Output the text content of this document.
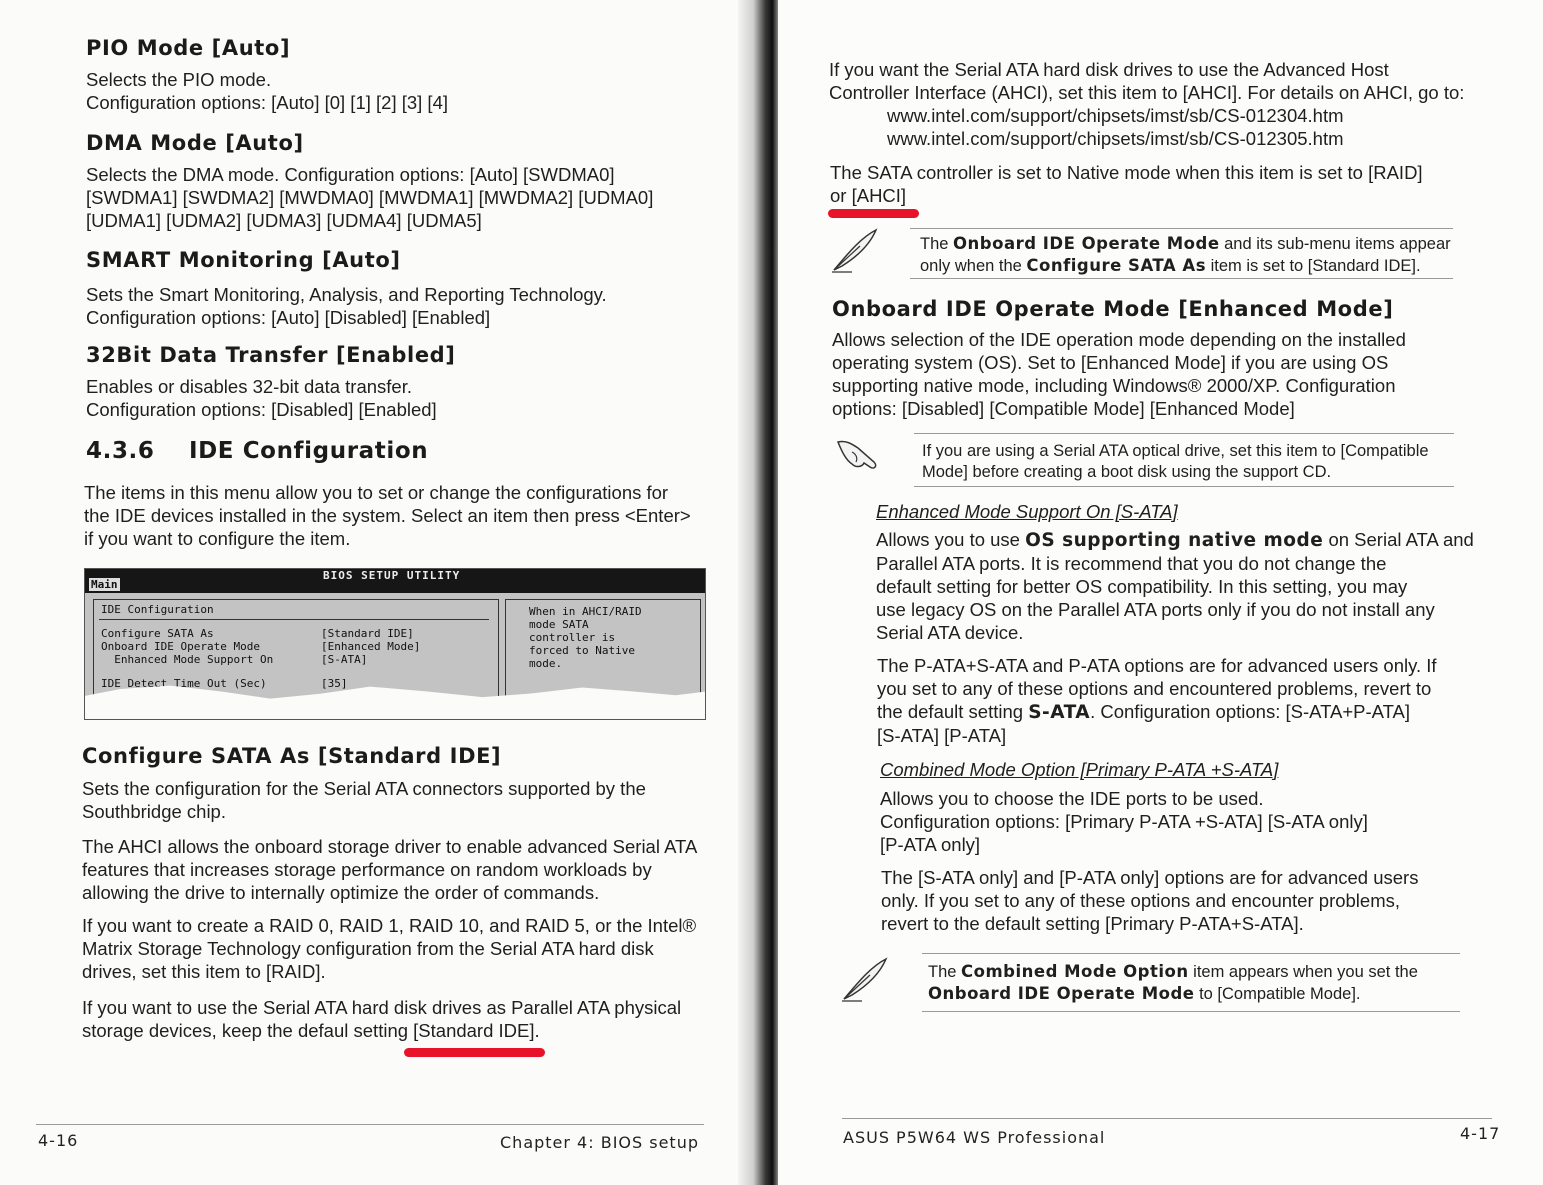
PIO Mode [Auto]
Selects the PIO mode.
Configuration options: [Auto] [0] [1] [2] [3] [4]
DMA Mode [Auto]
Selects the DMA mode. Configuration options: [Auto] [SWDMA0]
[SWDMA1] [SWDMA2] [MWDMA0] [MWDMA1] [MWDMA2] [UDMA0]
[UDMA1] [UDMA2] [UDMA3] [UDMA4] [UDMA5]
SMART Monitoring [Auto]
Sets the Smart Monitoring, Analysis, and Reporting Technology.
Configuration options: [Auto] [Disabled] [Enabled]
32Bit Data Transfer [Enabled]
Enables or disables 32-bit data transfer.
Configuration options: [Disabled] [Enabled]
4.3.6 IDE Configuration
The items in this menu allow you to set or change the configurations for
the IDE devices installed in the system. Select an item then press <Enter>
if you want to configure the item.
BIOS SETUP UTILITY
Main
IDE Configuration
Configure SATA As	[Standard IDE]
Onboard IDE Operate Mode	[Enhanced Mode]
Enhanced Mode Support On	[S-ATA]
IDE Detect Time Out (Sec)	[35]
When in AHCI/RAID
mode SATA
controller is
forced to Native
mode.
Configure SATA As [Standard IDE]
Sets the configuration for the Serial ATA connectors supported by the
Southbridge chip.
The AHCI allows the onboard storage driver to enable advanced Serial ATA
features that increases storage performance on random workloads by
allowing the drive to internally optimize the order of commands.
If you want to create a RAID 0, RAID 1, RAID 10, and RAID 5, or the Intel®
Matrix Storage Technology configuration from the Serial ATA hard disk
drives, set this item to [RAID].
If you want to use the Serial ATA hard disk drives as Parallel ATA physical
storage devices, keep the defaul setting [Standard IDE].
4-16	Chapter 4: BIOS setup
If you want the Serial ATA hard disk drives to use the Advanced Host
Controller Interface (AHCI), set this item to [AHCI]. For details on AHCI, go to:
www.intel.com/support/chipsets/imst/sb/CS-012304.htm
www.intel.com/support/chipsets/imst/sb/CS-012305.htm
The SATA controller is set to Native mode when this item is set to [RAID]
or [AHCI]
The Onboard IDE Operate Mode and its sub-menu items appear
only when the Configure SATA As item is set to [Standard IDE].
Onboard IDE Operate Mode [Enhanced Mode]
Allows selection of the IDE operation mode depending on the installed
operating system (OS). Set to [Enhanced Mode] if you are using OS
supporting native mode, including Windows® 2000/XP. Configuration
options: [Disabled] [Compatible Mode] [Enhanced Mode]
If you are using a Serial ATA optical drive, set this item to [Compatible
Mode] before creating a boot disk using the support CD.
Enhanced Mode Support On [S-ATA]
Allows you to use OS supporting native mode on Serial ATA and
Parallel ATA ports. It is recommend that you do not change the
default setting for better OS compatibility. In this setting, you may
use legacy OS on the Parallel ATA ports only if you do not install any
Serial ATA device.
The P-ATA+S-ATA and P-ATA options are for advanced users only. If
you set to any of these options and encountered problems, revert to
the default setting S-ATA. Configuration options: [S-ATA+P-ATA]
[S-ATA] [P-ATA]
Combined Mode Option [Primary P-ATA +S-ATA]
Allows you to choose the IDE ports to be used.
Configuration options: [Primary P-ATA +S-ATA] [S-ATA only]
[P-ATA only]
The [S-ATA only] and [P-ATA only] options are for advanced users
only. If you set to any of these options and encounter problems,
revert to the default setting [Primary P-ATA+S-ATA].
The Combined Mode Option item appears when you set the
Onboard IDE Operate Mode to [Compatible Mode].
ASUS P5W64 WS Professional	4-17
